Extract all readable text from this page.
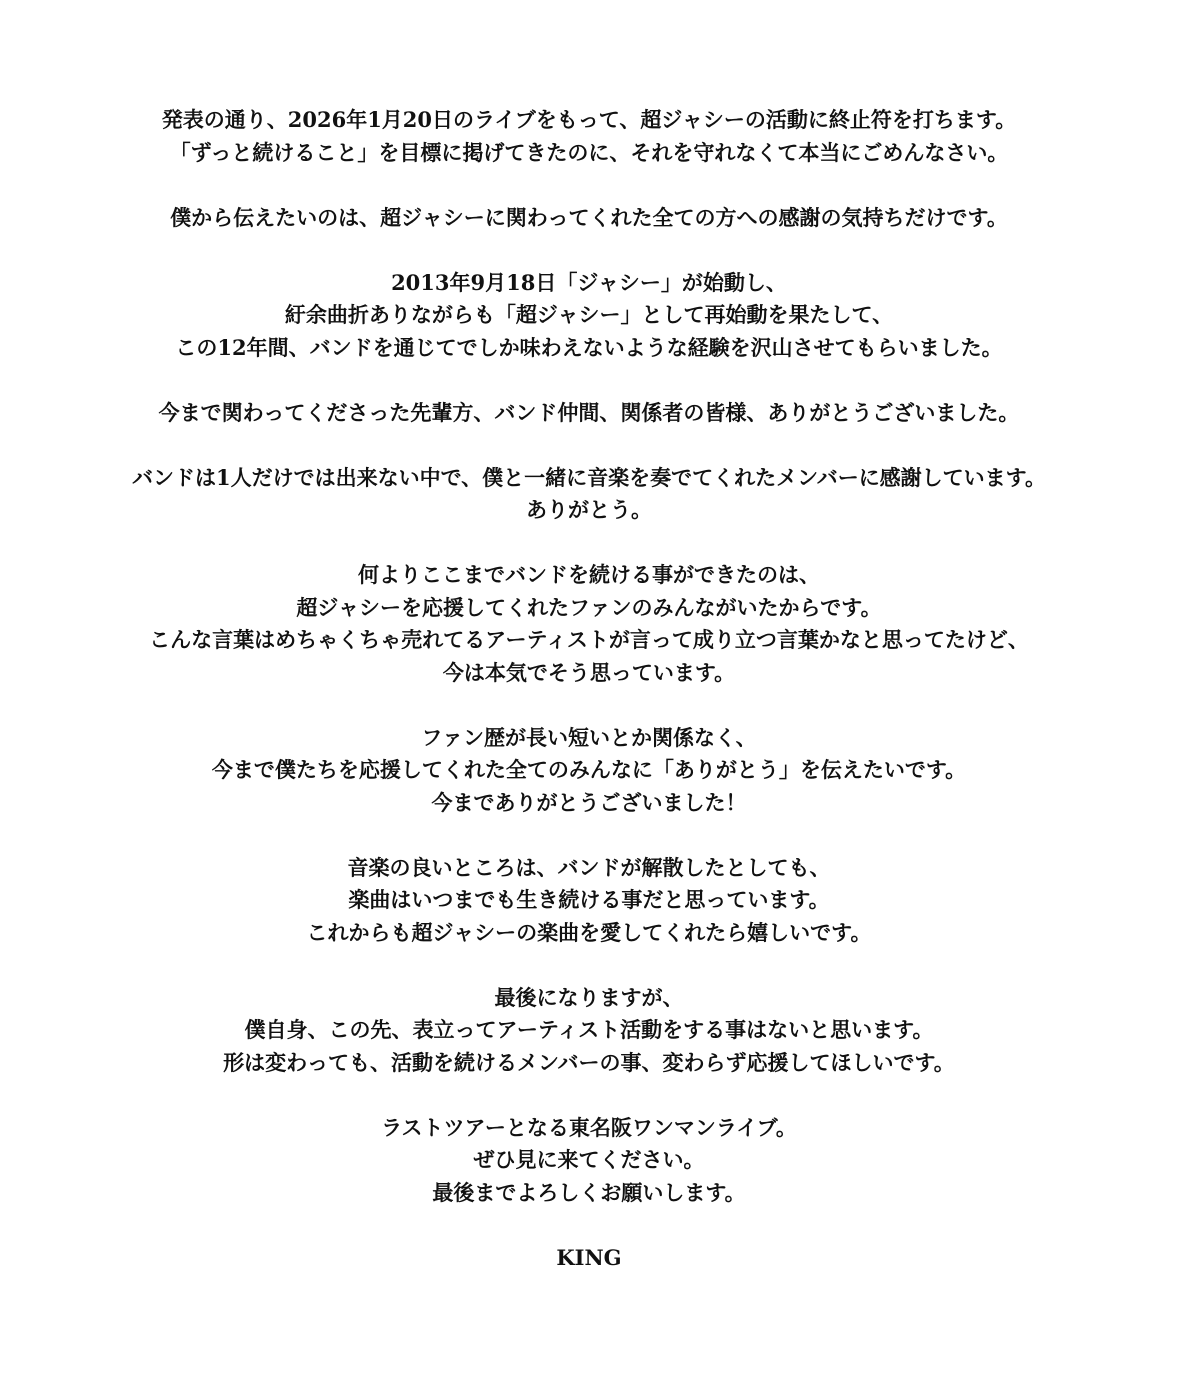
発表の通り、2026年1月20日のライブをもって、超ジャシーの活動に終止符を打ちます。
「ずっと続けること」を目標に掲げてきたのに、それを守れなくて本当にごめんなさい。
僕から伝えたいのは、超ジャシーに関わってくれた全ての方への感謝の気持ちだけです。
2013年9月18日「ジャシー」が始動し、
紆余曲折ありながらも「超ジャシー」として再始動を果たして、
この12年間、バンドを通じてでしか味わえないような経験を沢山させてもらいました。
今まで関わってくださった先輩方、バンド仲間、関係者の皆様、ありがとうございました。
バンドは1人だけでは出来ない中で、僕と一緒に音楽を奏でてくれたメンバーに感謝しています。
ありがとう。
何よりここまでバンドを続ける事ができたのは、
超ジャシーを応援してくれたファンのみんながいたからです。
こんな言葉はめちゃくちゃ売れてるアーティストが言って成り立つ言葉かなと思ってたけど、
今は本気でそう思っています。
ファン歴が長い短いとか関係なく、
今まで僕たちを応援してくれた全てのみんなに「ありがとう」を伝えたいです。
今までありがとうございました！
音楽の良いところは、バンドが解散したとしても、
楽曲はいつまでも生き続ける事だと思っています。
これからも超ジャシーの楽曲を愛してくれたら嬉しいです。
最後になりますが、
僕自身、この先、表立ってアーティスト活動をする事はないと思います。
形は変わっても、活動を続けるメンバーの事、変わらず応援してほしいです。
ラストツアーとなる東名阪ワンマンライブ。
ぜひ見に来てください。
最後までよろしくお願いします。
KING
